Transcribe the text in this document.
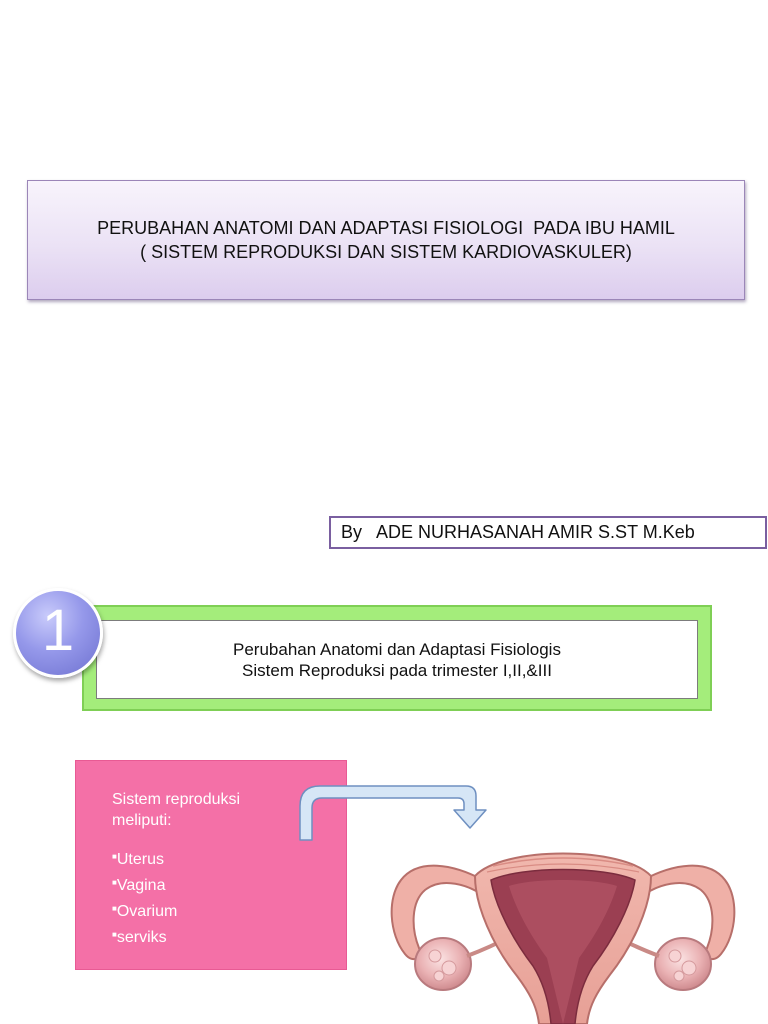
PERUBAHAN ANATOMI DAN ADAPTASI FISIOLOGI  PADA IBU HAMIL
( SISTEM REPRODUKSI DAN SISTEM KARDIOVASKULER)
By   ADE NURHASANAH AMIR S.ST M.Keb
Perubahan Anatomi dan Adaptasi Fisiologis
Sistem Reproduksi pada trimester I,II,&III
1
Sistem reproduksi
meliputi:
■Uterus
■Vagina
■Ovarium
■serviks
